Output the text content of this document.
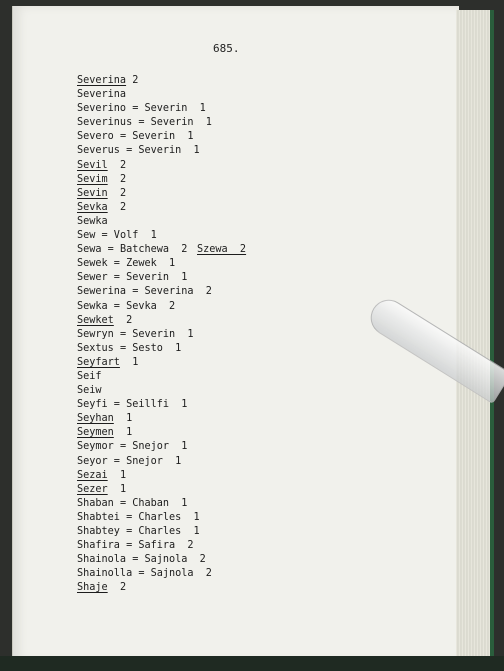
685.
Severina 2
Severina
Severino = Severin  1
Severinus = Severin  1
Severo = Severin  1
Severus = Severin  1
Sevil  2
Sevim  2
Sevin  2
Sevka  2
Sewka
Sew = Volf  1
Sewa = Batchewa  2 Szewa  2
Sewek = Zewek  1
Sewer = Severin  1
Sewerina = Severina  2
Sewka = Sevka  2
Sewket  2
Sewryn = Severin  1
Sextus = Sesto  1
Seyfart  1
Seif
Seiw
Seyfi = Seillfi  1
Seyhan  1
Seymen  1
Seymor = Snejor  1
Seyor = Snejor  1
Sezai  1
Sezer  1
Shaban = Chaban  1
Shabtei = Charles  1
Shabtey = Charles  1
Shafira = Safira  2
Shainola = Sajnola  2
Shainolla = Sajnola  2
Shaje  2
